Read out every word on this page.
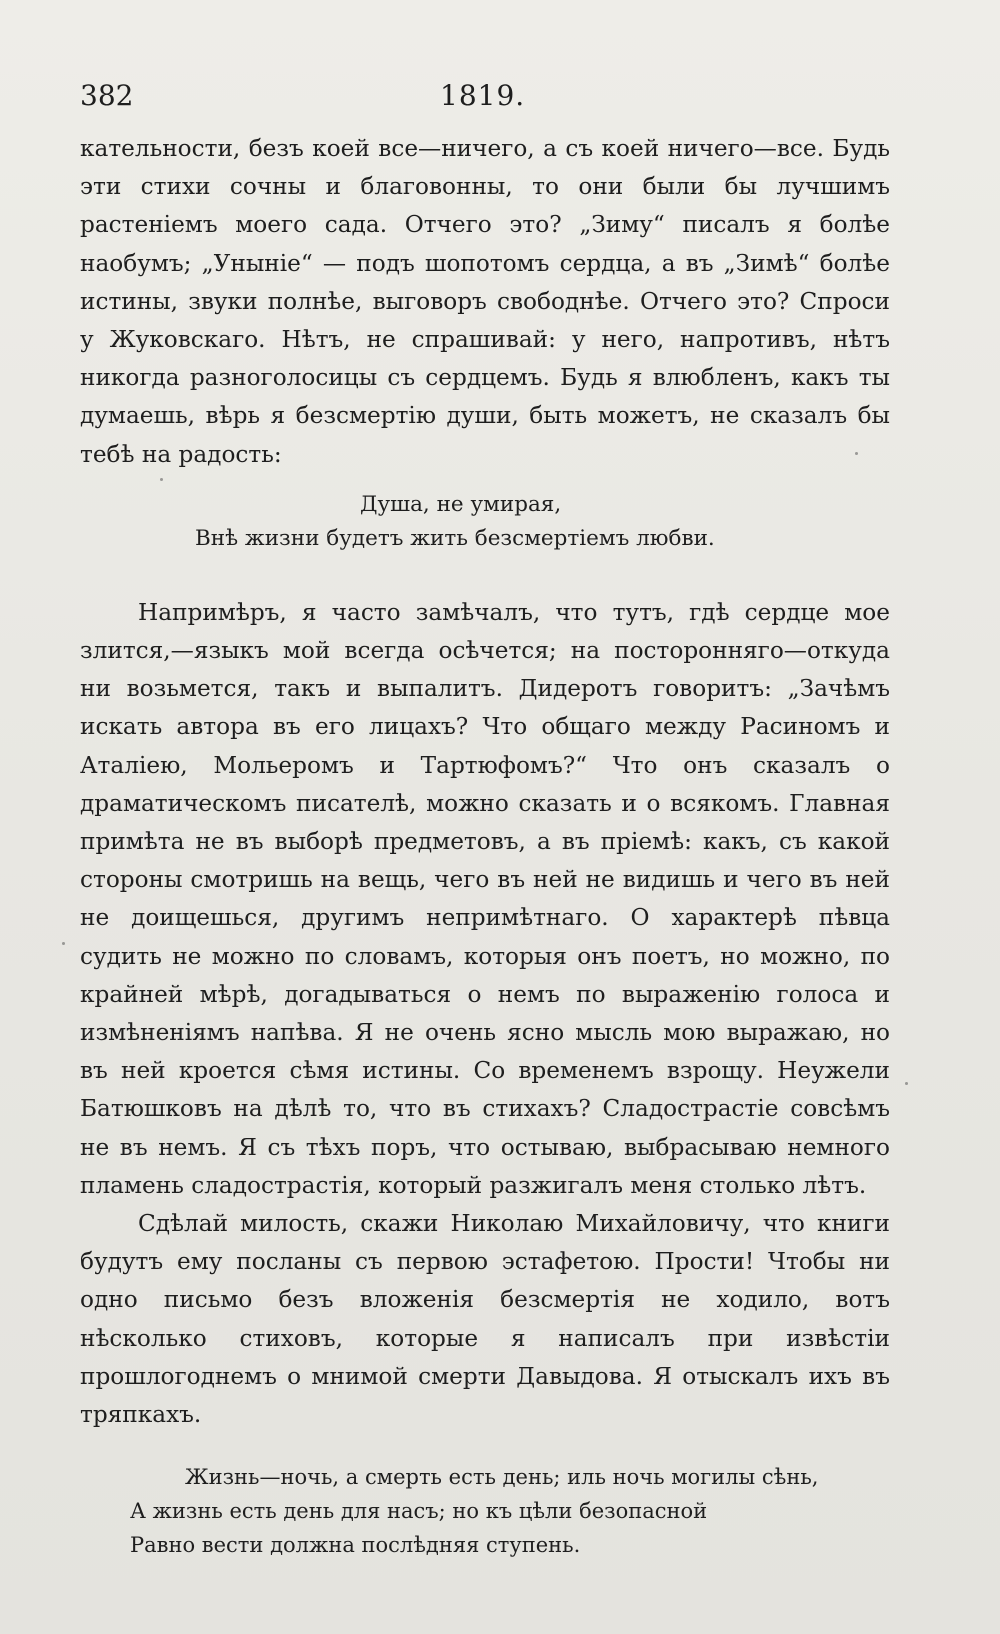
382	1819.

кательности, безъ коей все—ничего, а съ коей ничего—все. Будь эти стихи сочны и благовонны, то они были бы лучшимъ растеніемъ моего сада. Отчего это? „Зиму“ писалъ я болѣе наобумъ; „Уныніе“ — подъ шопотомъ сердца, а въ „Зимѣ“ болѣе истины, звуки полнѣе, выговоръ свободнѣе. Отчего это? Спроси у Жуковскаго. Нѣтъ, не спрашивай: у него, напротивъ, нѣтъ никогда разноголосицы съ сердцемъ. Будь я влюбленъ, какъ ты думаешь, вѣрь я безсмертію души, быть можетъ, не сказалъ бы тебѣ на радость:

Душа, не умирая,
Внѣ жизни будетъ жить безсмертіемъ любви.

Напримѣръ, я часто замѣчалъ, что тутъ, гдѣ сердце мое злится,—языкъ мой всегда осѣчется; на посторонняго—откуда ни возьмется, такъ и выпалитъ. Дидеротъ говоритъ: „Зачѣмъ искать автора въ его лицахъ? Что общаго между Расиномъ и Аталіею, Мольеромъ и Тартюфомъ?“ Что онъ сказалъ о драматическомъ писателѣ, можно сказать и о всякомъ. Главная примѣта не въ выборѣ предметовъ, а въ пріемѣ: какъ, съ какой стороны смотришь на вещь, чего въ ней не видишь и чего въ ней не доищешься, другимъ непримѣтнаго. О характерѣ пѣвца судить не можно по словамъ, которыя онъ поетъ, но можно, по крайней мѣрѣ, догадываться о немъ по выраженію голоса и измѣненіямъ напѣва. Я не очень ясно мысль мою выражаю, но въ ней кроется сѣмя истины. Со временемъ взрощу. Неужели Батюшковъ на дѣлѣ то, что въ стихахъ? Сладострастіе совсѣмъ не въ немъ. Я съ тѣхъ поръ, что остываю, выбрасываю немного пламень сладострастія, который разжигалъ меня столько лѣтъ.

Сдѣлай милость, скажи Николаю Михайловичу, что книги будутъ ему посланы съ первою эстафетою. Прости! Чтобы ни одно письмо безъ вложенія безсмертія не ходило, вотъ нѣсколько стиховъ, которые я написалъ при извѣстіи прошлогоднемъ о мнимой смерти Давыдова. Я отыскалъ ихъ въ тряпкахъ.

Жизнь—ночь, а смерть есть день; иль ночь могилы сѣнь,
А жизнь есть день для насъ; но къ цѣли безопасной
Равно вести должна послѣдняя ступень.
